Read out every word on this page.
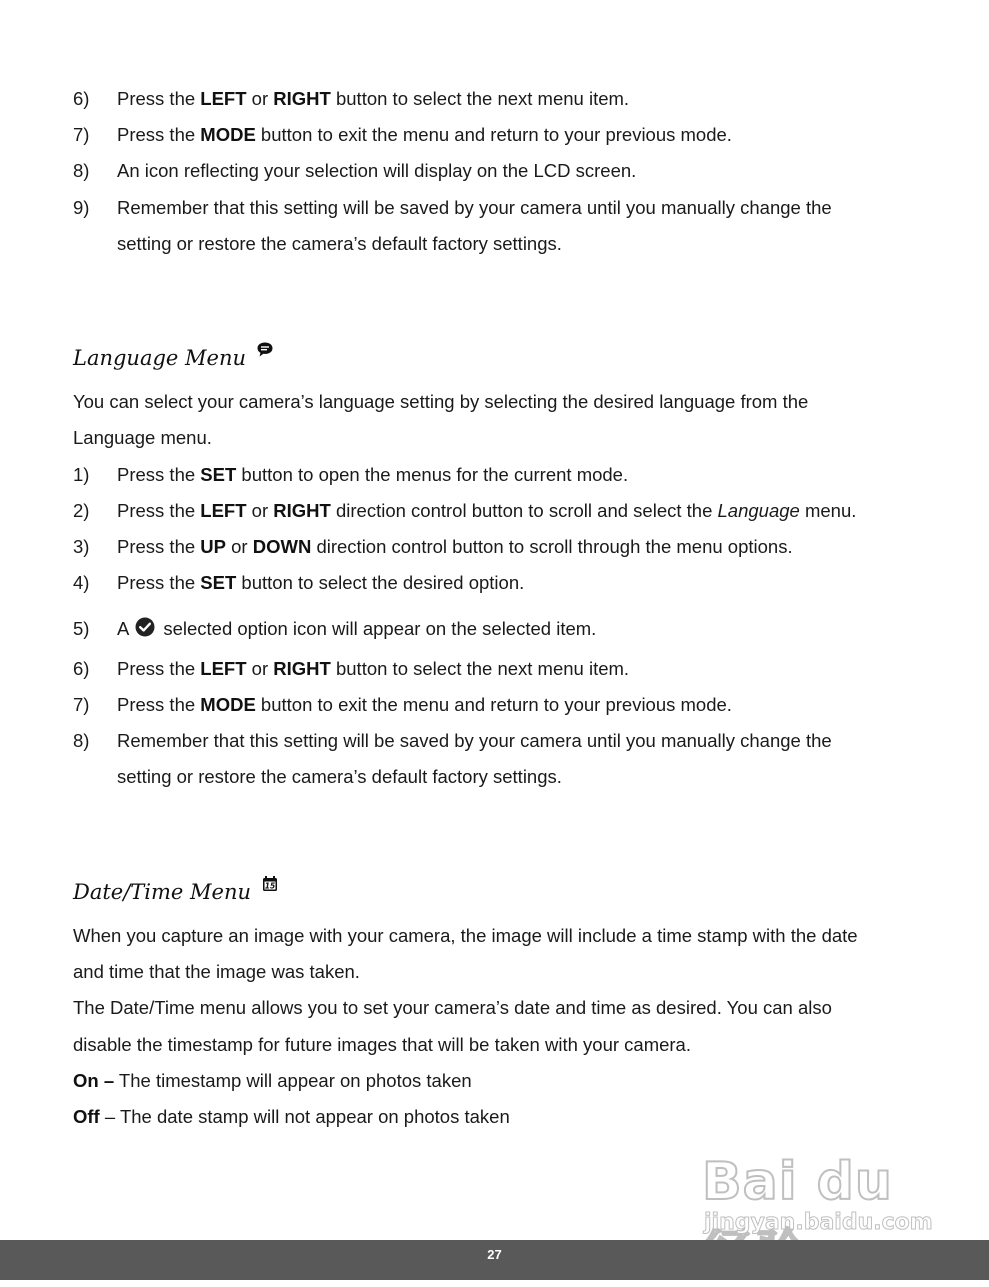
6) Press the LEFT or RIGHT button to select the next menu item.
7) Press the MODE button to exit the menu and return to your previous mode.
8) An icon reflecting your selection will display on the LCD screen.
9) Remember that this setting will be saved by your camera until you manually change the
setting or restore the camera’s default factory settings.
Language Menu
You can select your camera’s language setting by selecting the desired language from the
Language menu.
1) Press the SET button to open the menus for the current mode.
2) Press the LEFT or RIGHT direction control button to scroll and select the Language menu.
3) Press the UP or DOWN direction control button to scroll through the menu options.
4) Press the SET button to select the desired option.
5) A selected option icon will appear on the selected item.
6) Press the LEFT or RIGHT button to select the next menu item.
7) Press the MODE button to exit the menu and return to your previous mode.
8) Remember that this setting will be saved by your camera until you manually change the
setting or restore the camera’s default factory settings.
Date/Time Menu 15
When you capture an image with your camera, the image will include a time stamp with the date
and time that the image was taken.
The Date/Time menu allows you to set your camera’s date and time as desired. You can also
disable the timestamp for future images that will be taken with your camera.
On – The timestamp will appear on photos taken
Off – The date stamp will not appear on photos taken
Bai du
jingyan.baidu.com
27
